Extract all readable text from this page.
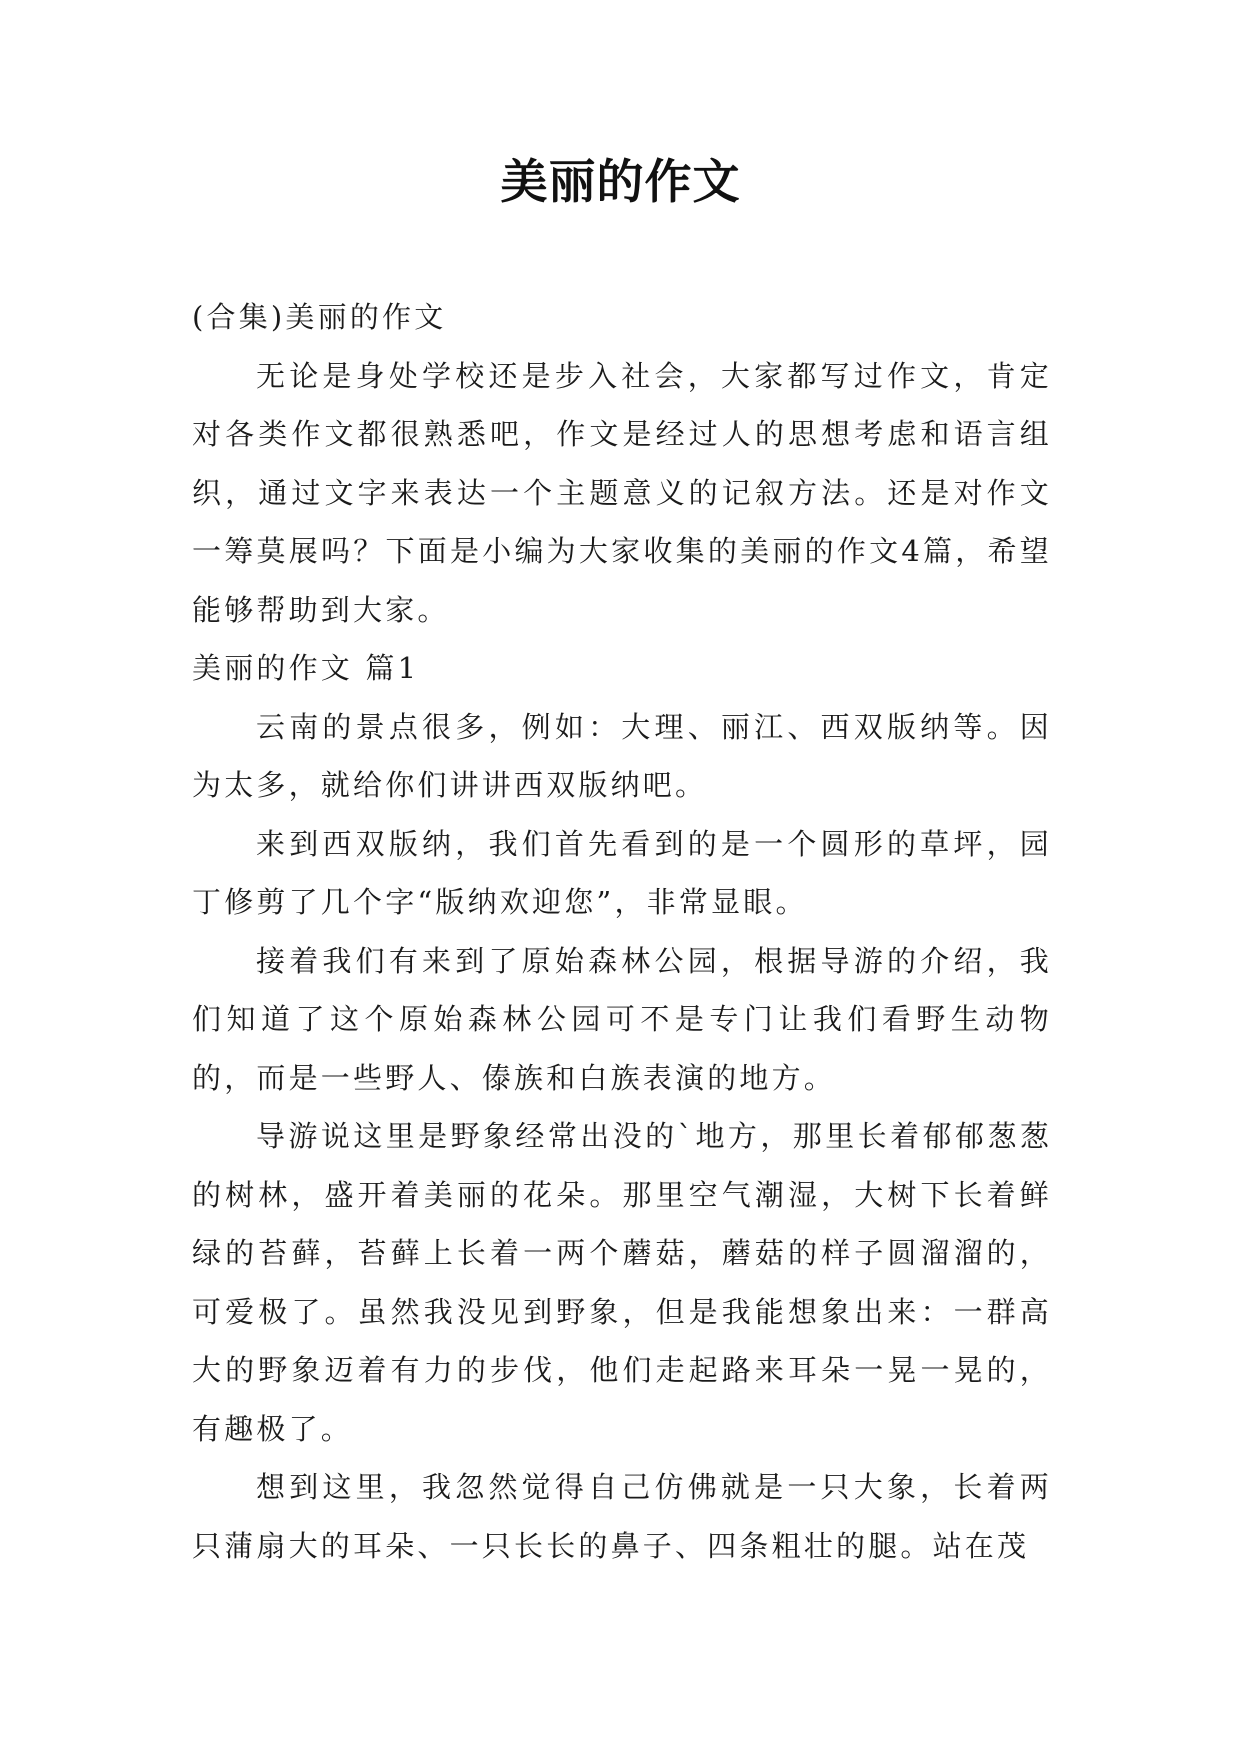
美丽的作文

(合集)美丽的作文

无论是身处学校还是步入社会，大家都写过作文，肯定对各类作文都很熟悉吧，作文是经过人的思想考虑和语言组织，通过文字来表达一个主题意义的记叙方法。还是对作文一筹莫展吗？下面是小编为大家收集的美丽的作文4篇，希望能够帮助到大家。

美丽的作文 篇1

云南的景点很多，例如：大理、丽江、西双版纳等。因为太多，就给你们讲讲西双版纳吧。

来到西双版纳，我们首先看到的是一个圆形的草坪，园丁修剪了几个字“版纳欢迎您”，非常显眼。

接着我们有来到了原始森林公园，根据导游的介绍，我们知道了这个原始森林公园可不是专门让我们看野生动物的，而是一些野人、傣族和白族表演的地方。

导游说这里是野象经常出没的`地方，那里长着郁郁葱葱的树林，盛开着美丽的花朵。那里空气潮湿，大树下长着鲜绿的苔藓，苔藓上长着一两个蘑菇，蘑菇的样子圆溜溜的，可爱极了。虽然我没见到野象，但是我能想象出来：一群高大的野象迈着有力的步伐，他们走起路来耳朵一晃一晃的，有趣极了。

想到这里，我忽然觉得自己仿佛就是一只大象，长着两只蒲扇大的耳朵、一只长长的鼻子、四条粗壮的腿。站在茂
